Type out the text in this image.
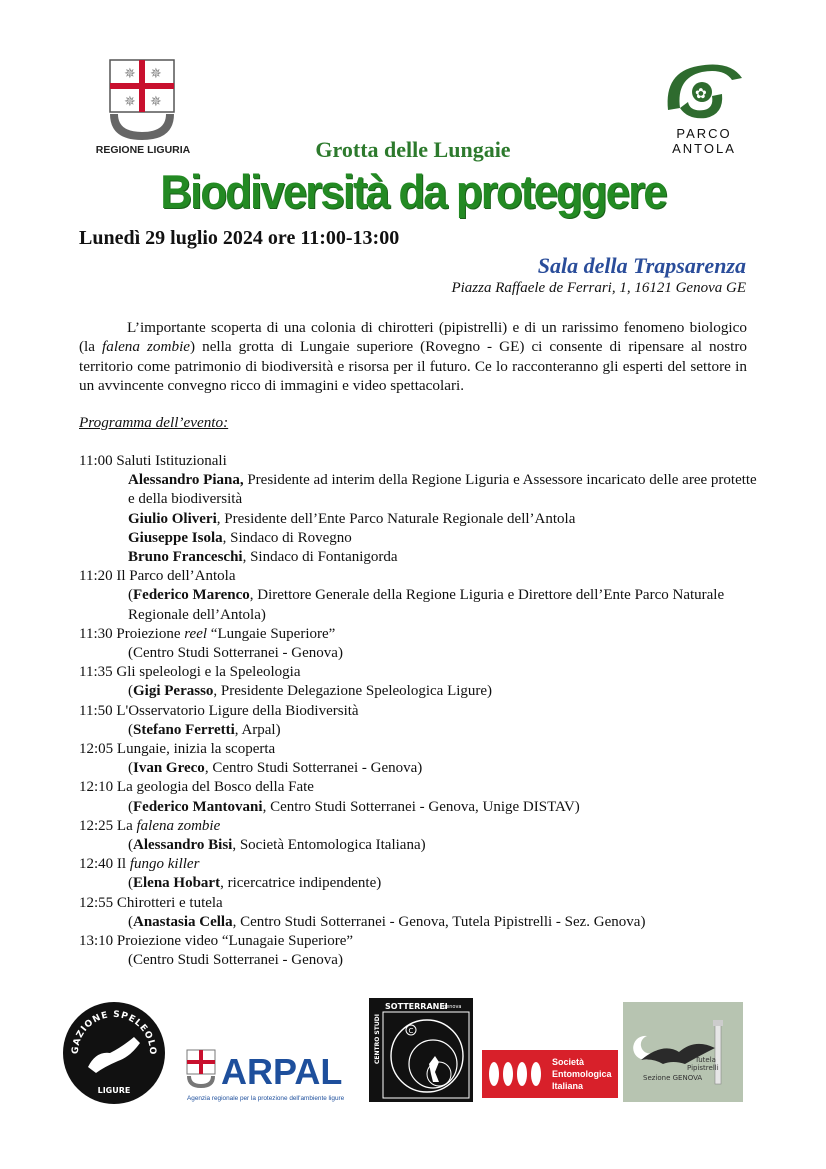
✵ ✵
✵ ✵
REGIONE LIGURIA
✿
PARCO
ANTOLA
Grotta delle Lungaie
Biodiversità da proteggere
Lunedì 29 luglio 2024 ore 11:00-13:00
Sala della Trapsarenza
Piazza Raffaele de Ferrari, 1, 16121 Genova GE
L’importante scoperta di una colonia di chirotteri (pipistrelli) e di un rarissimo fenomeno biologico (la falena zombie) nella grotta di Lungaie superiore (Rovegno - GE) ci consente di ripensare al nostro territorio come patrimonio di biodiversità e risorsa per il futuro. Ce lo racconteranno gli esperti del settore in un avvincente convegno ricco di immagini e video spettacolari.
Programma dell’evento:
11:00 Saluti Istituzionali
Alessandro Piana, Presidente ad interim della Regione Liguria e Assessore incaricato delle aree protette e della biodiversità
Giulio Oliveri, Presidente dell’Ente Parco Naturale Regionale dell’Antola
Giuseppe Isola, Sindaco di Rovegno
Bruno Franceschi, Sindaco di Fontanigorda
11:20 Il Parco dell’Antola
(Federico Marenco, Direttore Generale della Regione Liguria e Direttore dell’Ente Parco Naturale Regionale dell’Antola)
11:30 Proiezione reel “Lungaie Superiore”
(Centro Studi Sotterranei - Genova)
11:35 Gli speleologi e la Speleologia
(Gigi Perasso, Presidente Delegazione Speleologica Ligure)
11:50 L'Osservatorio Ligure della Biodiversità
(Stefano Ferretti, Arpal)
12:05 Lungaie, inizia la scoperta
(Ivan Greco, Centro Studi Sotterranei - Genova)
12:10 La geologia del Bosco della Fate
(Federico Mantovani, Centro Studi Sotterranei - Genova, Unige DISTAV)
12:25 La falena zombie
(Alessandro Bisi, Società Entomologica Italiana)
12:40 Il fungo killer
(Elena Hobart, ricercatrice indipendente)
12:55 Chirotteri e tutela
(Anastasia Cella, Centro Studi Sotterranei - Genova, Tutela Pipistrelli - Sez. Genova)
13:10 Proiezione video “Lunagaie Superiore”
(Centro Studi Sotterranei - Genova)
GAZIONE SPELEOLO
LIGURE	ARPAL
Agenzia regionale per la protezione dell'ambiente ligure
SOTTERRANEI
genova
CENTRO STUDI	C
Società
Entomologica
Italiana
Tutela
Pipistrelli
Sezione GENOVA
